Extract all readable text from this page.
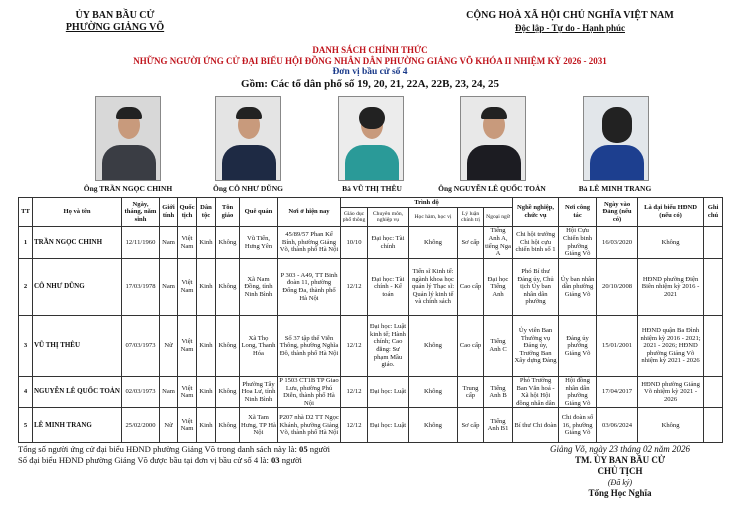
ỦY BAN BẦU CỬ
PHƯỜNG GIẢNG VÕ
CỘNG HOÀ XÃ HỘI CHỦ NGHĨA VIỆT NAM
Độc lập - Tự do - Hạnh phúc
DANH SÁCH CHÍNH THỨC
NHỮNG NGƯỜI ỨNG CỬ ĐẠI BIỂU HỘI ĐỒNG NHÂN DÂN PHƯỜNG GIẢNG VÕ KHÓA II NHIỆM KỲ 2026 - 2031
Đơn vị bầu cử số 4
Gồm: Các tổ dân phố số 19, 20, 21, 22A, 22B, 23, 24, 25
Ông TRẦN NGỌC CHINH	Ông CÔ NHƯ DŨNG	Bà VŨ THỊ THÊU	Ông NGUYỄN LÊ QUỐC TOẢN	Bà LÊ MINH TRANG
TT	Họ và tên	Ngày, tháng, năm sinh	Giới tính	Quốc tịch	Dân tộc	Tôn giáo	Quê quán	Nơi ở hiện nay	Trình độ					Nghề nghiệp, chức vụ	Nơi công tác	Ngày vào Đảng (nếu có)	Là đại biểu HĐND (nếu có)	Ghi chú
									Giáo dục phổ thông	Chuyên môn, nghiệp vụ	Học hàm, học vị	Lý luận chính trị	Ngoại ngữ					
1	TRẦN NGỌC CHINH	12/11/1960	Nam	Việt Nam	Kinh	Không	Vũ Tiến, Hưng Yên	45/89/57 Phan Kế Bính, phường Giảng Võ, thành phố Hà Nội	10/10	Đại học: Tài chính	Không	Sơ cấp	Tiếng Anh A, tiếng Nga A	Chi hội trưởng Chi hội cựu chiến binh số 1	Hội Cựu Chiến binh phường Giảng Võ	16/03/2020	Không	
2	CÔ NHƯ DŨNG	17/03/1978	Nam	Việt Nam	Kinh	Không	Xã Nam Đồng, tỉnh Ninh Bình	P 303 - A49, TT Binh đoàn 11, phường Đống Đa, thành phố Hà Nội	12/12	Đại học: Tài chính - Kế toán	Tiến sĩ Kinh tế: ngành khoa học quản lý Thạc sĩ: Quản lý kinh tế và chính sách	Cao cấp	Đại học Tiếng Anh	Phó Bí thư Đảng ủy, Chủ tịch Ủy ban nhân dân phường	Ủy ban nhân dân phường Giảng Võ	20/10/2008	HĐND phường Điện Biên nhiệm kỳ 2016 - 2021	
3	VŨ THỊ THÊU	07/03/1973	Nữ	Việt Nam	Kinh	Không	Xã Thọ Long, Thanh Hóa	Số 37 tập thể Viễn Thông, phường Nghĩa Đô, thành phố Hà Nội	12/12	Đại học: Luật kinh tế; Hành chính; Cao đẳng: Sư phạm Mầu giáo.	Không	Cao cấp	Tiếng Anh C	Ủy viên Ban Thường vụ Đảng ủy, Trưởng Ban Xây dựng Đảng	Đảng ủy phường Giảng Võ	15/01/2001	HĐND quận Ba Đình nhiệm kỳ 2016 - 2021; 2021 - 2026; HĐND phường Giảng Võ nhiệm kỳ 2021 - 2026	
4	NGUYỄN LÊ QUỐC TOẢN	02/03/1973	Nam	Việt Nam	Kinh	Không	Phường Tây Hoa Lư, tỉnh Ninh Bình	P 1503 CT1B TP Giao Lưu, phường Phú Diễn, thành phố Hà Nội	12/12	Đại học: Luật	Không	Trung cấp	Tiếng Anh B	Phó Trưởng Ban Văn hoá - Xã hội Hội đồng nhân dân	Hội đồng nhân dân phường Giảng Võ	17/04/2017	HĐND phường Giảng Võ nhiệm kỳ 2021 - 2026	
5	LÊ MINH TRANG	25/02/2000	Nữ	Việt Nam	Kinh	Không	Xã Tam Hưng, TP Hà Nội	P207 nhà D2 TT Ngọc Khánh, phường Giảng Võ, thành phố Hà Nội	12/12	Đại học: Luật	Không	Sơ cấp	Tiếng Anh B1	Bí thư Chi đoàn	Chi đoàn số 16, phường Giảng Võ	03/06/2024	Không	
Tổng số người ứng cử đại biểu HĐND phường Giảng Võ trong danh sách này là: 05 người
Số đại biểu HĐND phường Giảng Võ được bầu tại đơn vị bầu cử số 4 là: 03 người
Giảng Võ, ngày 23 tháng 02 năm 2026
TM. ỦY BAN BẦU CỬ
CHỦ TỊCH
(Đã ký)
Tống Học Nghĩa
